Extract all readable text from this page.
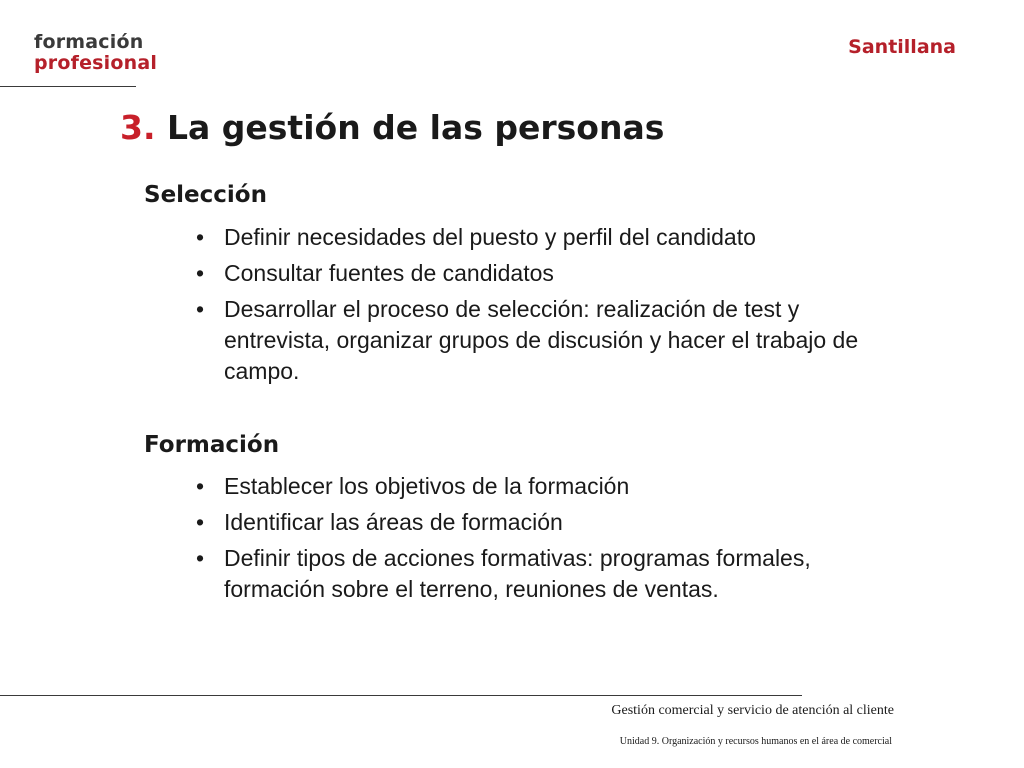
formación
profesional
Santillana
3. La gestión de las personas
Selección
• Definir necesidades del puesto y perfil del candidato
• Consultar fuentes de candidatos
• Desarrollar el proceso de selección: realización de test y entrevista, organizar grupos de discusión y hacer el trabajo de campo.
Formación
• Establecer los objetivos de la formación
• Identificar las áreas de formación
• Definir tipos de acciones formativas: programas formales, formación sobre el terreno, reuniones de ventas.
Gestión comercial y servicio de atención al cliente
Unidad 9. Organización y recursos humanos en el área de comercial
